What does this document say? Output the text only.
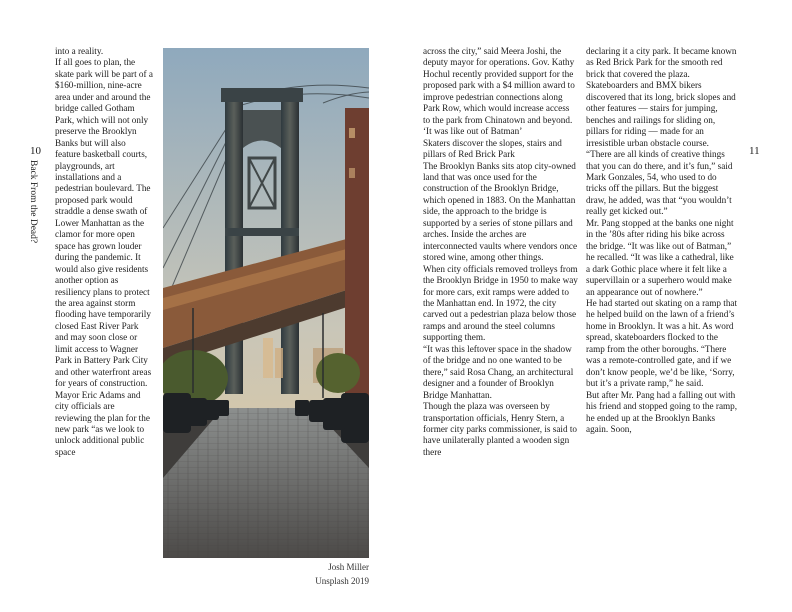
10
Back From the Dead?

into a reality.

If all goes to plan, the skate park will be part of a $160-million, nine-acre area under and around the bridge called Gotham Park, which will not only preserve the Brooklyn Banks but will also feature basketball courts, playgrounds, art installations and a pedestrian boulevard. The proposed park would straddle a dense swath of Lower Manhattan as the clamor for more open space has grown louder during the pandemic. It would also give residents another option as resiliency plans to protect the area against storm flooding have temporarily closed East River Park and may soon close or limit access to Wagner Park in Battery Park City and other waterfront areas for years of construction. Mayor Eric Adams and city officials are reviewing the plan for the new park “as we look to unlock additional public space

Josh Miller
Unsplash 2019
11

across the city,” said Meera Joshi, the deputy mayor for operations. Gov. Kathy Hochul recently provided support for the proposed park with a $4 million award to improve pedestrian connections along Park Row, which would increase access to the park from Chinatown and beyond.

‘It was like out of Batman’

Skaters discover the slopes, stairs and pillars of Red Brick Park

The Brooklyn Banks sits atop city-owned land that was once used for the construction of the Brooklyn Bridge, which opened in 1883. On the Manhattan side, the approach to the bridge is supported by a series of stone pillars and arches. Inside the arches are interconnected vaults where vendors once stored wine, among other things.

When city officials removed trolleys from the Brooklyn Bridge in 1950 to make way for more cars, exit ramps were added to the Manhattan end. In 1972, the city carved out a pedestrian plaza below those ramps and around the steel columns supporting them.

“It was this leftover space in the shadow of the bridge and no one wanted to be there,” said Rosa Chang, an architectural designer and a founder of Brooklyn Bridge Manhattan.

Though the plaza was overseen by transportation officials, Henry Stern, a former city parks commissioner, is said to have unilaterally planted a wooden sign there

declaring it a city park. It became known as Red Brick Park for the smooth red brick that covered the plaza.

Skateboarders and BMX bikers discovered that its long, brick slopes and other features — stairs for jumping, benches and railings for sliding on, pillars for riding — made for an irresistible urban obstacle course.

“There are all kinds of creative things that you can do there, and it’s fun,” said Mark Gonzales, 54, who used to do tricks off the pillars. But the biggest draw, he added, was that “you wouldn’t really get kicked out.”

Mr. Pang stopped at the banks one night in the ’80s after riding his bike across the bridge. “It was like out of Batman,” he recalled. “It was like a cathedral, like a dark Gothic place where it felt like a supervillain or a superhero would make an appearance out of nowhere.”

He had started out skating on a ramp that he helped build on the lawn of a friend’s home in Brooklyn. It was a hit. As word spread, skateboarders flocked to the ramp from the other boroughs. “There was a remote-controlled gate, and if we don’t know people, we’d be like, ‘Sorry, but it’s a private ramp,” he said.

But after Mr. Pang had a falling out with his friend and stopped going to the ramp, he ended up at the Brooklyn Banks again. Soon,
